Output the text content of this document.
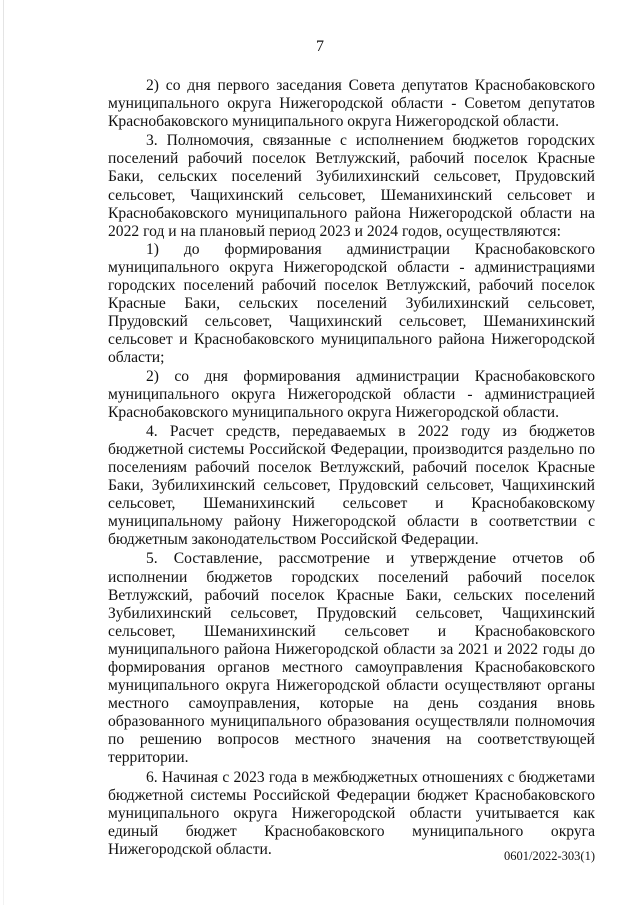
7

2) со дня первого заседания Совета депутатов Краснобаковского муниципального округа Нижегородской области - Советом депутатов Краснобаковского муниципального округа Нижегородской области.

3. Полномочия, связанные с исполнением бюджетов городских поселений рабочий поселок Ветлужский, рабочий поселок Красные Баки, сельских поселений Зубилихинский сельсовет, Прудовский сельсовет, Чащихинский сельсовет, Шеманихинский сельсовет и Краснобаковского муниципального района Нижегородской области на 2022 год и на плановый период 2023 и 2024 годов, осуществляются:

1) до формирования администрации Краснобаковского муниципального округа Нижегородской области - администрациями городских поселений рабочий поселок Ветлужский, рабочий поселок Красные Баки, сельских поселений Зубилихинский сельсовет, Прудовский сельсовет, Чащихинский сельсовет, Шеманихинский сельсовет и Краснобаковского муниципального района Нижегородской области;

2) со дня формирования администрации Краснобаковского муниципального округа Нижегородской области - администрацией Краснобаковского муниципального округа Нижегородской области.

4. Расчет средств, передаваемых в 2022 году из бюджетов бюджетной системы Российской Федерации, производится раздельно по поселениям рабочий поселок Ветлужский, рабочий поселок Красные Баки, Зубилихинский сельсовет, Прудовский сельсовет, Чащихинский сельсовет, Шеманихинский сельсовет и Краснобаковскому муниципальному району Нижегородской области в соответствии с бюджетным законодательством Российской Федерации.

5. Составление, рассмотрение и утверждение отчетов об исполнении бюджетов городских поселений рабочий поселок Ветлужский, рабочий поселок Красные Баки, сельских поселений Зубилихинский сельсовет, Прудовский сельсовет, Чащихинский сельсовет, Шеманихинский сельсовет и Краснобаковского муниципального района Нижегородской области за 2021 и 2022 годы до формирования органов местного самоуправления Краснобаковского муниципального округа Нижегородской области осуществляют органы местного самоуправления, которые на день создания вновь образованного муниципального образования осуществляли полномочия по решению вопросов местного значения на соответствующей территории.

6. Начиная с 2023 года в межбюджетных отношениях с бюджетами бюджетной системы Российской Федерации бюджет Краснобаковского муниципального округа Нижегородской области учитывается как единый бюджет Краснобаковского муниципального округа Нижегородской области.	0601/2022-303(1)
